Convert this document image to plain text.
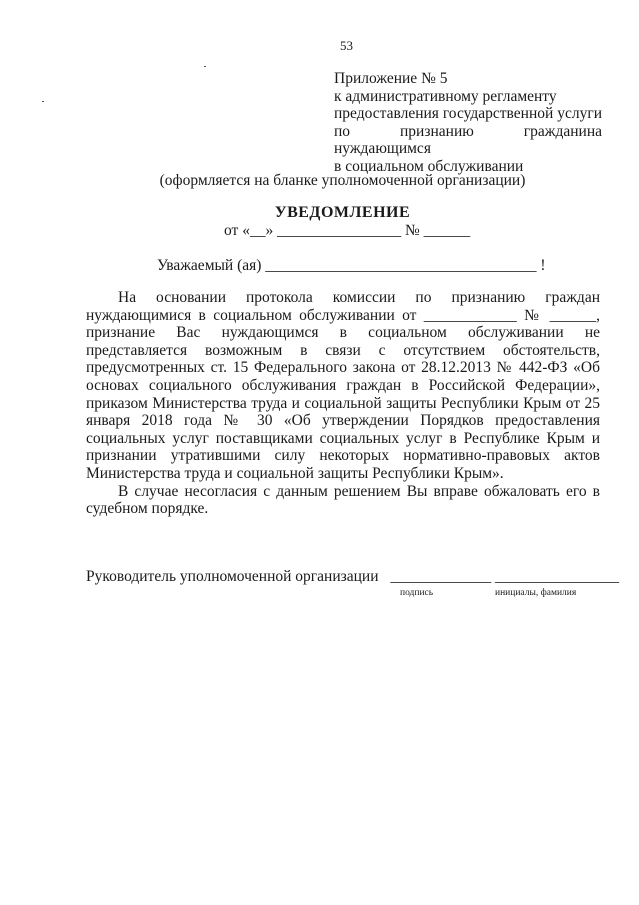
53
Приложение № 5
к административному регламенту
предоставления государственной услуги
по признанию гражданина нуждающимся
в социальном обслуживании
(оформляется на бланке уполномоченной организации)
УВЕДОМЛЕНИЕ
от «__» ________________ № ______
Уважаемый (ая) ___________________________________ !

На основании протокола комиссии по признанию граждан нуждающимися в социальном обслуживании от ____________ № ______, признание Вас нуждающимся в социальном обслуживании не представляется возможным в связи с отсутствием обстоятельств, предусмотренных ст. 15 Федерального закона от 28.12.2013 № 442-ФЗ «Об основах социального обслуживания граждан в Российской Федерации», приказом Министерства труда и социальной защиты Республики Крым от 25 января 2018 года № 30 «Об утверждении Порядков предоставления социальных услуг поставщиками социальных услуг в Республике Крым и признании утратившими силу некоторых нормативно-правовых актов Министерства труда и социальной защиты Республики Крым».

В случае несогласия с данным решением Вы вправе обжаловать его в судебном порядке.

Руководитель уполномоченной организации _____________ ________________
подпись	инициалы, фамилия
